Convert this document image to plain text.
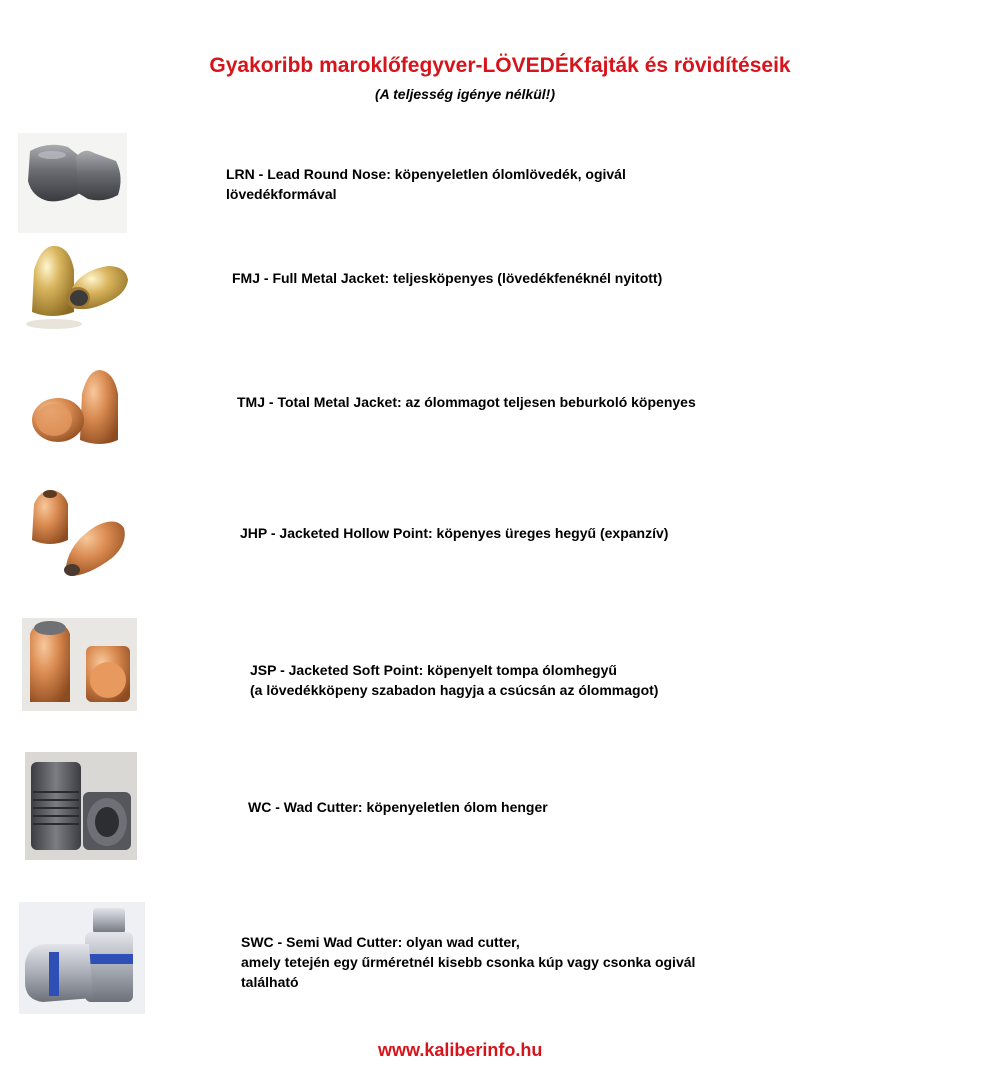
Gyakoribb maroklőfegyver-LÖVEDÉKfajták és rövidítéseik
(A teljesség igénye nélkül!)
LRN - Lead Round Nose: köpenyeletlen ólomlövedék, ogivál
lövedékformával
FMJ - Full Metal Jacket: teljesköpenyes (lövedékfenéknél nyitott)
TMJ - Total Metal Jacket: az ólommagot teljesen beburkoló köpenyes
JHP - Jacketed Hollow Point: köpenyes üreges hegyű (expanzív)
JSP - Jacketed Soft Point: köpenyelt tompa ólomhegyű
(a lövedékköpeny szabadon hagyja a csúcsán az ólommagot)
WC - Wad Cutter: köpenyeletlen ólom henger
SWC - Semi Wad Cutter: olyan wad cutter,
amely tetején egy űrméretnél kisebb csonka kúp vagy csonka ogivál
található
www.kaliberinfo.hu
